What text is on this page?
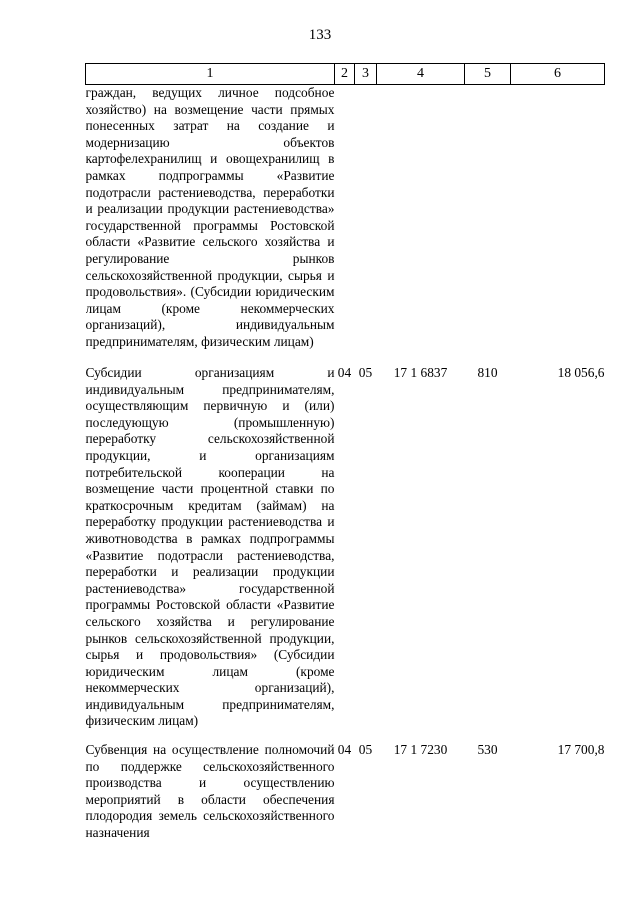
133
1	2	3	4	5	6

граждан, ведущих личное подсобное хозяйство) на возмещение части прямых понесенных затрат на создание и модернизацию объектов картофелехранилищ и овощехранилищ в рамках подпрограммы «Развитие подотрасли растениеводства, переработки и реализации продукции растениеводства» государственной программы Ростовской области «Развитие сельского хозяйства и регулирование рынков сельскохозяйственной продукции, сырья и продовольствия». (Субсидии юридическим лицам (кроме некоммерческих организаций), индивидуальным предпринимателям, физическим лицам)					

Субсидии организациям и индивидуальным предпринимателям, осуществляющим первичную и (или) последующую (промышленную) переработку сельскохозяйственной продукции, и организациям потребительской кооперации на возмещение части процентной ставки по краткосрочным кредитам (займам) на переработку продукции растениеводства и животноводства в рамках подпрограммы «Развитие подотрасли растениеводства, переработки и реализации продукции растениеводства» государственной программы Ростовской области «Развитие сельского хозяйства и регулирование рынков сельскохозяйственной продукции, сырья и продовольствия» (Субсидии юридическим лицам (кроме некоммерческих организаций), индивидуальным предпринимателям, физическим лицам)	04	05	17 1 6837	810	18 056,6

Субвенция на осуществление полномочий по поддержке сельскохозяйственного производства и осуществлению мероприятий в области обеспечения плодородия земель сельскохозяйственного назначения	04	05	17 1 7230	530	17 700,8
